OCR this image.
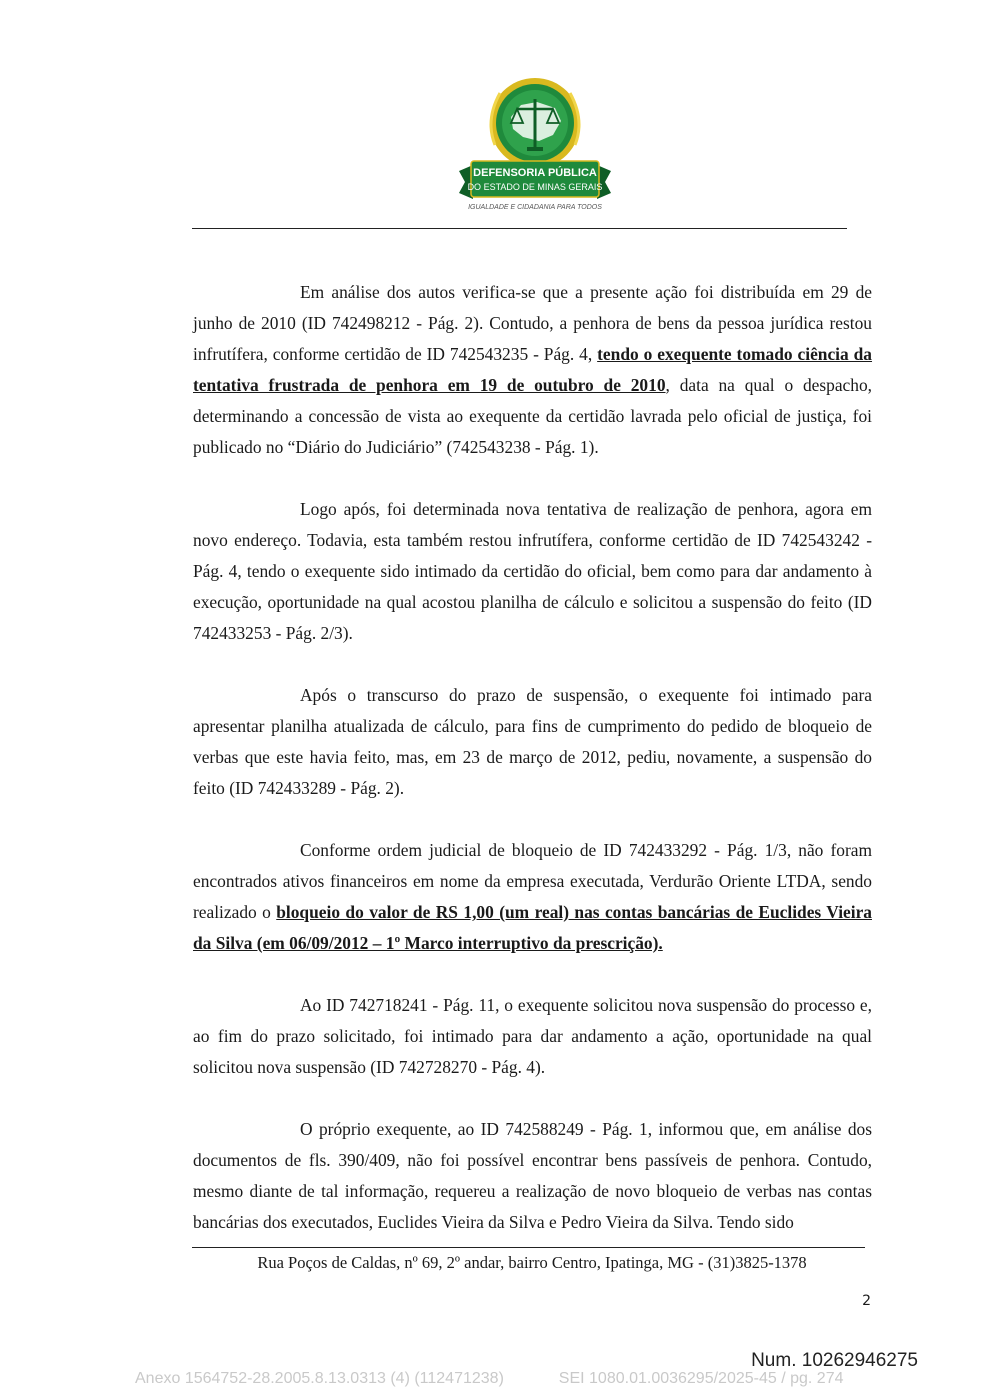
DEFENSORIA PÚBLICA
DO ESTADO DE MINAS GERAIS
IGUALDADE E CIDADANIA PARA TODOS

Em análise dos autos verifica-se que a presente ação foi distribuída em 29 de junho de 2010 (ID 742498212 - Pág. 2). Contudo, a penhora de bens da pessoa jurídica restou infrutífera, conforme certidão de ID 742543235 - Pág. 4, tendo o exequente tomado ciência da tentativa frustrada de penhora em 19 de outubro de 2010, data na qual o despacho, determinando a concessão de vista ao exequente da certidão lavrada pelo oficial de justiça, foi publicado no “Diário do Judiciário” (742543238 - Pág. 1).

Logo após, foi determinada nova tentativa de realização de penhora, agora em novo endereço. Todavia, esta também restou infrutífera, conforme certidão de ID 742543242 - Pág. 4, tendo o exequente sido intimado da certidão do oficial, bem como para dar andamento à execução, oportunidade na qual acostou planilha de cálculo e solicitou a suspensão do feito (ID 742433253 - Pág. 2/3).

Após o transcurso do prazo de suspensão, o exequente foi intimado para apresentar planilha atualizada de cálculo, para fins de cumprimento do pedido de bloqueio de verbas que este havia feito, mas, em 23 de março de 2012, pediu, novamente, a suspensão do feito (ID 742433289 - Pág. 2).

Conforme ordem judicial de bloqueio de ID 742433292 - Pág. 1/3, não foram encontrados ativos financeiros em nome da empresa executada, Verdurão Oriente LTDA, sendo realizado o bloqueio do valor de RS 1,00 (um real) nas contas bancárias de Euclides Vieira da Silva (em 06/09/2012 – 1º Marco interruptivo da prescrição).

Ao ID 742718241 - Pág. 11, o exequente solicitou nova suspensão do processo e, ao fim do prazo solicitado, foi intimado para dar andamento a ação, oportunidade na qual solicitou nova suspensão (ID 742728270 - Pág. 4).

O próprio exequente, ao ID 742588249 - Pág. 1, informou que, em análise dos documentos de fls. 390/409, não foi possível encontrar bens passíveis de penhora. Contudo, mesmo diante de tal informação, requereu a realização de novo bloqueio de verbas nas contas bancárias dos executados, Euclides Vieira da Silva e Pedro Vieira da Silva. Tendo sido

Rua Poços de Caldas, nº 69, 2º andar, bairro Centro, Ipatinga, MG - (31)3825-1378
2
Num. 10262946275
Anexo 1564752-28.2005.8.13.0313 (4) (112471238)	SEI 1080.01.0036295/2025-45 / pg. 274
